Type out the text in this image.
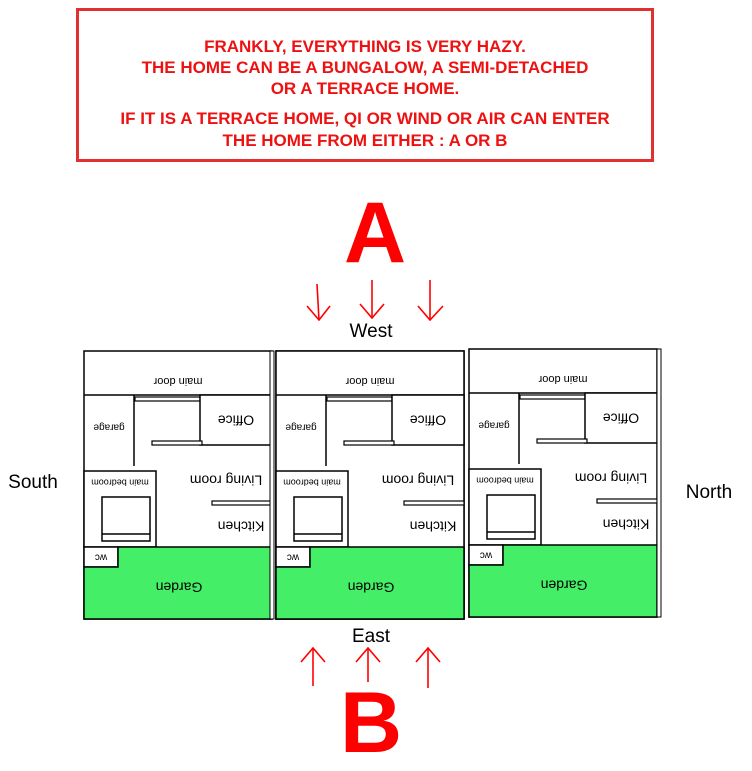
FRANKLY, EVERYTHING IS VERY HAZY.
THE HOME CAN BE A BUNGALOW, A SEMI-DETACHED
OR A TERRACE HOME.
IF IT IS A TERRACE HOME, QI OR WIND OR AIR CAN ENTER
THE HOME FROM EITHER : A OR B
A
B
West
East
South	North
main door
garage	Office
Living room
main bedroom
Kitchen
wc
Garden
main door
garage	Office
Living room
main bedroom
Kitchen
wc
Garden
main door
garage	Office
Living room
main bedroom
Kitchen
wc
Garden
